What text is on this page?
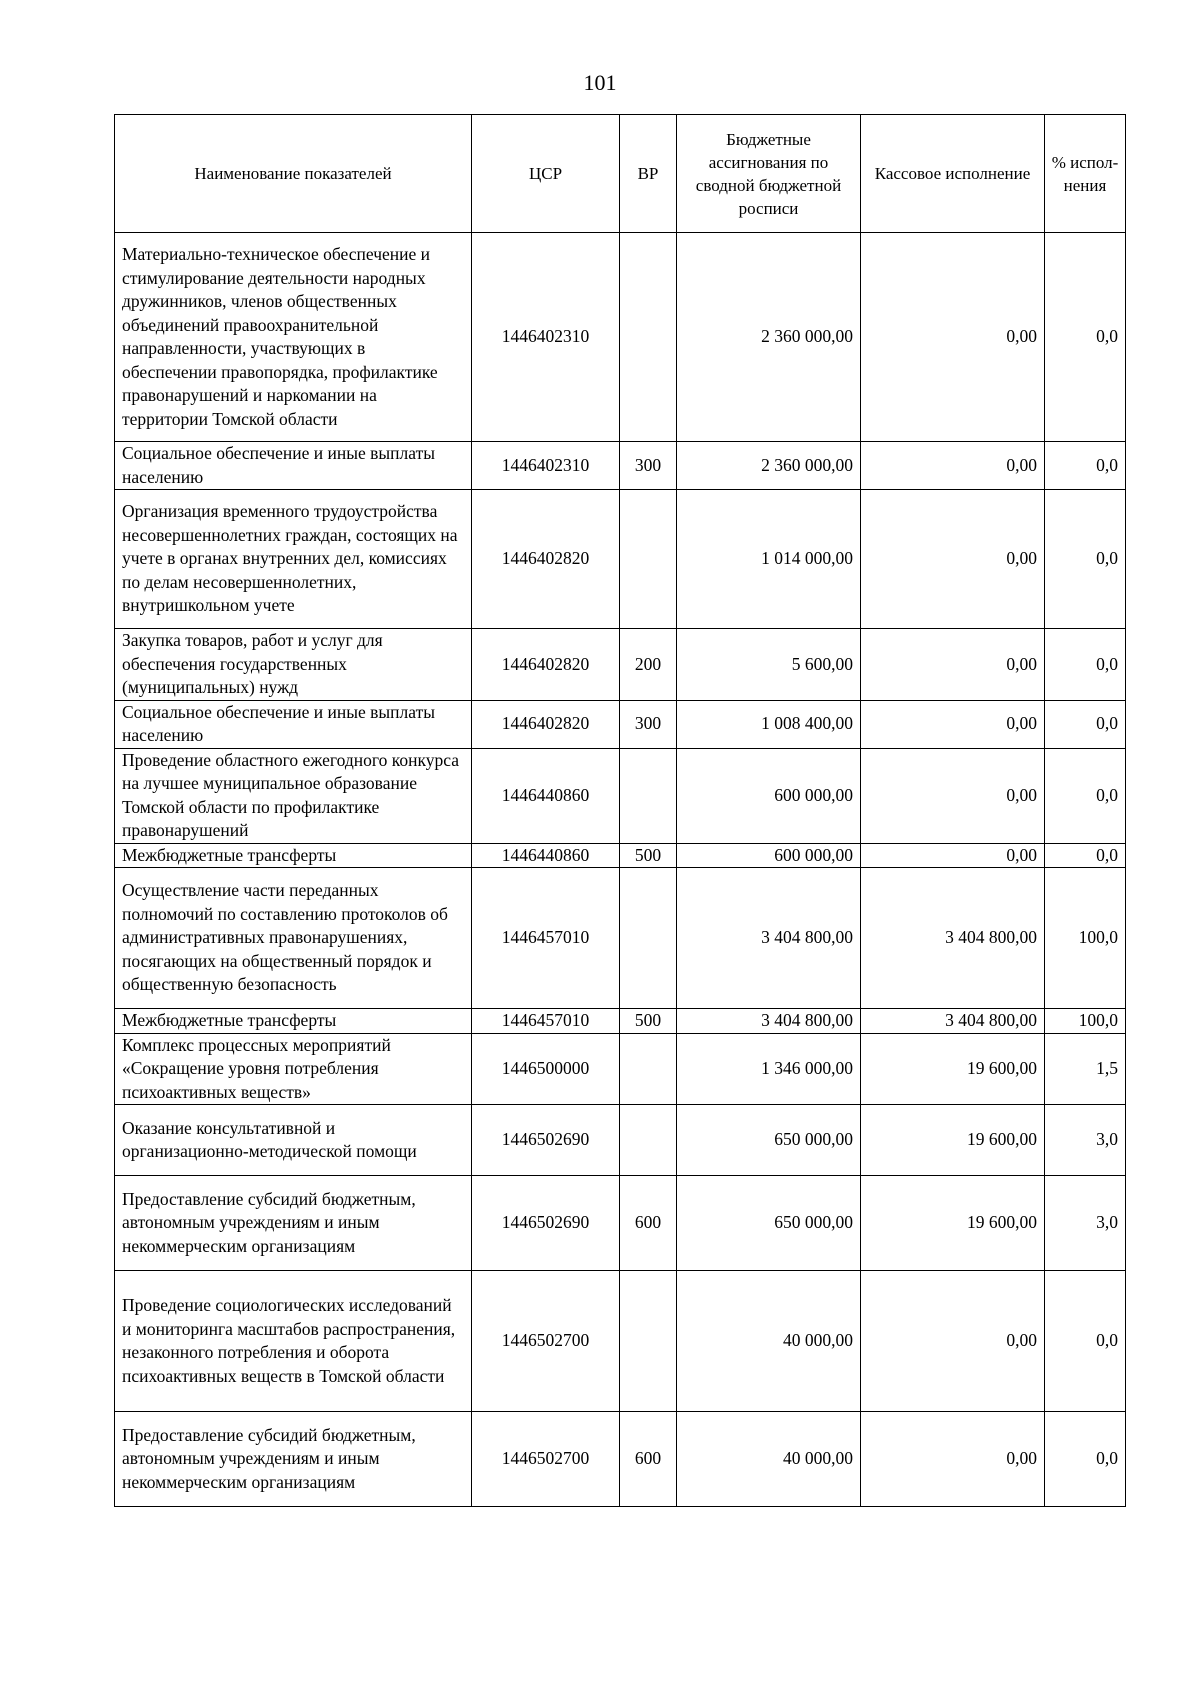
101
Наименование показателей	ЦСР	ВР	Бюджетные ассигнования по сводной бюджетной росписи	Кассовое исполнение	% испол-нения
Материально-техническое обеспечение и стимулирование деятельности народных дружинников, членов общественных объединений правоохранительной направленности, участвующих в обеспечении правопорядка, профилактике правонарушений и наркомании на территории Томской области	1446402310		2 360 000,00	0,00	0,0
Социальное обеспечение и иные выплаты населению	1446402310	300	2 360 000,00	0,00	0,0
Организация временного трудоустройства несовершеннолетних граждан, состоящих на учете в органах внутренних дел, комиссиях по делам несовершеннолетних, внутришкольном учете	1446402820		1 014 000,00	0,00	0,0
Закупка товаров, работ и услуг для обеспечения государственных (муниципальных) нужд	1446402820	200	5 600,00	0,00	0,0
Социальное обеспечение и иные выплаты населению	1446402820	300	1 008 400,00	0,00	0,0
Проведение областного ежегодного конкурса на лучшее муниципальное образование Томской области по профилактике правонарушений	1446440860		600 000,00	0,00	0,0
Межбюджетные трансферты	1446440860	500	600 000,00	0,00	0,0
Осуществление части переданных полномочий по составлению протоколов об административных правонарушениях, посягающих на общественный порядок и общественную безопасность	1446457010		3 404 800,00	3 404 800,00	100,0
Межбюджетные трансферты	1446457010	500	3 404 800,00	3 404 800,00	100,0
Комплекс процессных мероприятий «Сокращение уровня потребления психоактивных веществ»	1446500000		1 346 000,00	19 600,00	1,5
Оказание консультативной и организационно-методической помощи	1446502690		650 000,00	19 600,00	3,0
Предоставление субсидий бюджетным, автономным учреждениям и иным некоммерческим организациям	1446502690	600	650 000,00	19 600,00	3,0
Проведение социологических исследований и мониторинга масштабов распространения, незаконного потребления и оборота психоактивных веществ в Томской области	1446502700		40 000,00	0,00	0,0
Предоставление субсидий бюджетным, автономным учреждениям и иным некоммерческим организациям	1446502700	600	40 000,00	0,00	0,0
